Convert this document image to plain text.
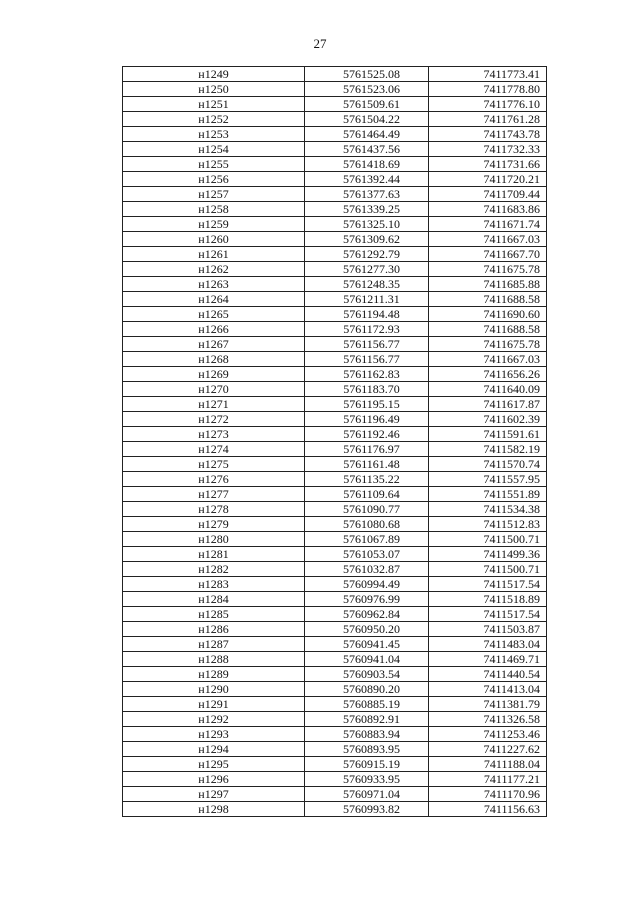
27
н1249	5761525.08	7411773.41
н1250	5761523.06	7411778.80
н1251	5761509.61	7411776.10
н1252	5761504.22	7411761.28
н1253	5761464.49	7411743.78
н1254	5761437.56	7411732.33
н1255	5761418.69	7411731.66
н1256	5761392.44	7411720.21
н1257	5761377.63	7411709.44
н1258	5761339.25	7411683.86
н1259	5761325.10	7411671.74
н1260	5761309.62	7411667.03
н1261	5761292.79	7411667.70
н1262	5761277.30	7411675.78
н1263	5761248.35	7411685.88
н1264	5761211.31	7411688.58
н1265	5761194.48	7411690.60
н1266	5761172.93	7411688.58
н1267	5761156.77	7411675.78
н1268	5761156.77	7411667.03
н1269	5761162.83	7411656.26
н1270	5761183.70	7411640.09
н1271	5761195.15	7411617.87
н1272	5761196.49	7411602.39
н1273	5761192.46	7411591.61
н1274	5761176.97	7411582.19
н1275	5761161.48	7411570.74
н1276	5761135.22	7411557.95
н1277	5761109.64	7411551.89
н1278	5761090.77	7411534.38
н1279	5761080.68	7411512.83
н1280	5761067.89	7411500.71
н1281	5761053.07	7411499.36
н1282	5761032.87	7411500.71
н1283	5760994.49	7411517.54
н1284	5760976.99	7411518.89
н1285	5760962.84	7411517.54
н1286	5760950.20	7411503.87
н1287	5760941.45	7411483.04
н1288	5760941.04	7411469.71
н1289	5760903.54	7411440.54
н1290	5760890.20	7411413.04
н1291	5760885.19	7411381.79
н1292	5760892.91	7411326.58
н1293	5760883.94	7411253.46
н1294	5760893.95	7411227.62
н1295	5760915.19	7411188.04
н1296	5760933.95	7411177.21
н1297	5760971.04	7411170.96
н1298	5760993.82	7411156.63
